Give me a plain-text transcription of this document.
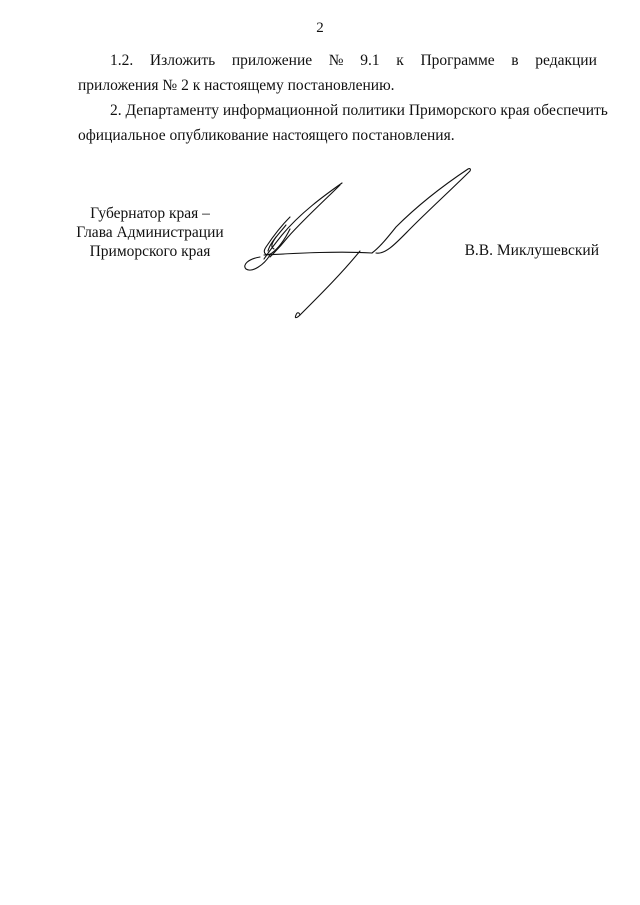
2
1.2. Изложить приложение № 9.1 к Программе в редакции
приложения № 2 к настоящему постановлению.
2. Департаменту информационной политики Приморского края обеспечить
официальное опубликование настоящего постановления.
Губернатор края –
Глава Администрации
Приморского края	В.В. Миклушевский
